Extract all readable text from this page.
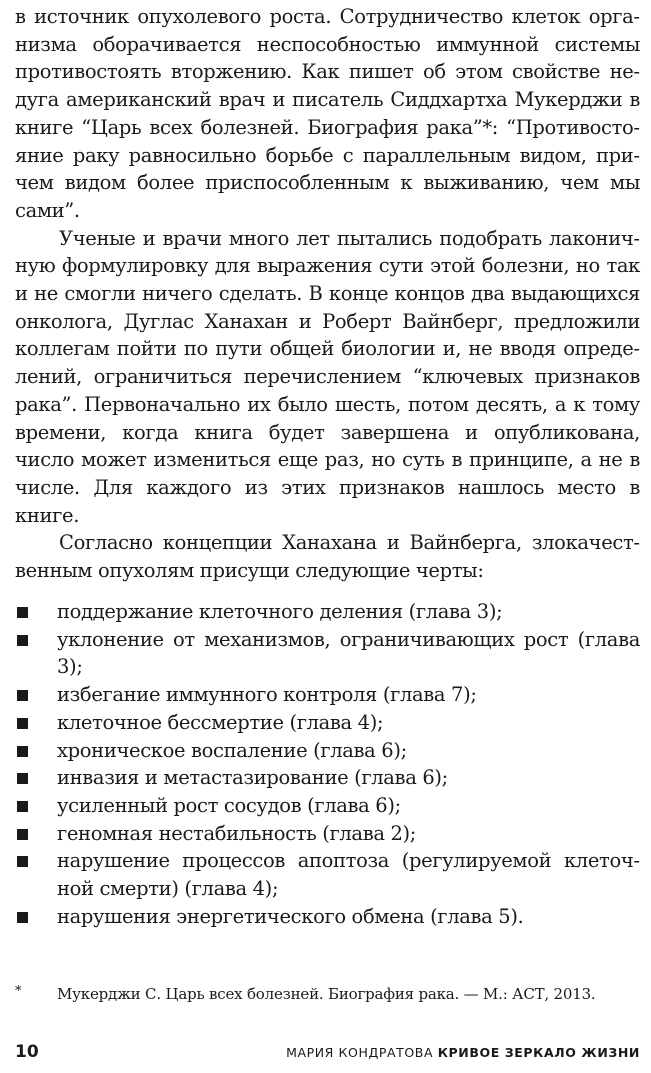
в источник опухолевого роста. Сотрудничество клеток организма оборачивается неспособностью иммунной системы противостоять вторжению. Как пишет об этом свойстве недуга американский врач и писатель Сиддхартха Мукерджи в книге “Царь всех болезней. Биография рака”*: “Противостояние раку равносильно борьбе с параллельным видом, причем видом более приспособленным к выживанию, чем мы сами”.

Ученые и врачи много лет пытались подобрать лаконичную формулировку для выражения сути этой болезни, но так и не смогли ничего сделать. В конце концов два выдающихся онколога, Дуглас Ханахан и Роберт Вайнберг, предложили коллегам пойти по пути общей биологии и, не вводя определений, ограничиться перечислением “ключевых признаков рака”. Первоначально их было шесть, потом десять, а к тому времени, когда книга будет завершена и опубликована, число может измениться еще раз, но суть в принципе, а не в числе. Для каждого из этих признаков нашлось место в книге.

Согласно концепции Ханахана и Вайнберга, злокачественным опухолям присущи следующие черты:

поддержание клеточного деления (глава 3);
уклонение от механизмов, ограничивающих рост (глава 3);
избегание иммунного контроля (глава 7);
клеточное бессмертие (глава 4);
хроническое воспаление (глава 6);
инвазия и метастазирование (глава 6);
усиленный рост сосудов (глава 6);
геномная нестабильность (глава 2);
нарушение процессов апоптоза (регулируемой клеточной смерти) (глава 4);
нарушения энергетического обмена (глава 5).
* Мукерджи С. Царь всех болезней. Биография рака. — М.: АСТ, 2013.
10	МАРИЯ КОНДРАТОВА КРИВОЕ ЗЕРКАЛО ЖИЗНИ
